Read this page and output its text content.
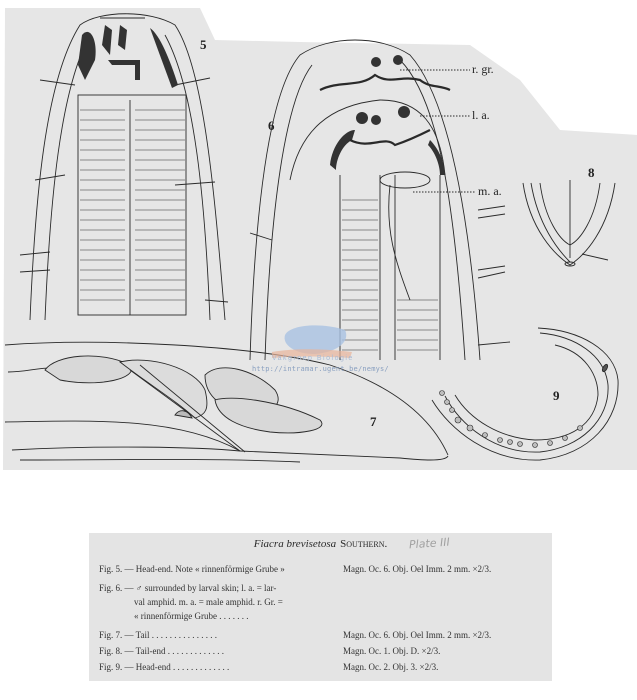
5
6
7
8
9
r. gr.
l. a.
m. a.
Vakgroep Biologie
http://intramar.ugent.be/nemys/
Fiacra brevisetosa Southern.	Plate III
Fig. 5. — Head-end. Note « rinnenförmige Grube »	Magn. Oc. 6. Obj. Oel Imm. 2 mm. ×2/3.
Fig. 6. — ♂ surrounded by larval skin; l. a. = lar-
val amphid. m. a. = male amphid. r. Gr. =
« rinnenförmige Grube . . . . . . .
Fig. 7. — Tail . . . . . . . . . . . . . . .	Magn. Oc. 6. Obj. Oel Imm. 2 mm. ×2/3.
Fig. 8. — Tail-end . . . . . . . . . . . . .	Magn. Oc. 1. Obj. D. ×2/3.
Fig. 9. — Head-end . . . . . . . . . . . . .	Magn. Oc. 2. Obj. 3. ×2/3.
